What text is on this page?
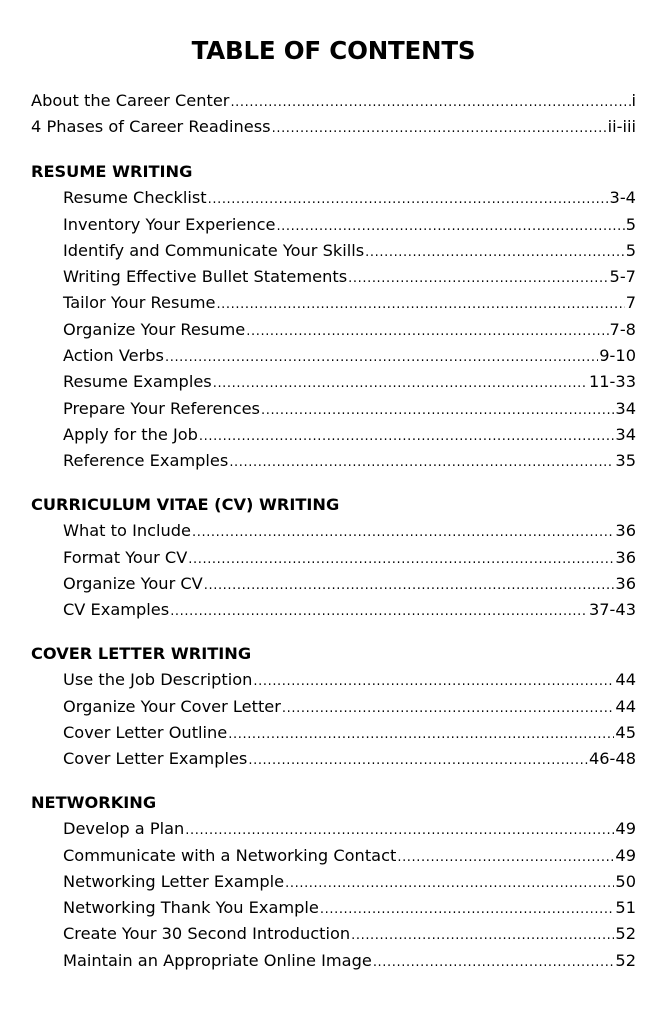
TABLE OF CONTENTS
About the Career Center .....	i
4 Phases of Career Readiness .....	ii-iii
RESUME WRITING
Resume Checklist .....	3-4
Inventory Your Experience .....	5
Identify and Communicate Your Skills .....	5
Writing Effective Bullet Statements .....	5-7
Tailor Your Resume .....	7
Organize Your Resume .....	7-8
Action Verbs .....	9-10
Resume Examples .....	11-33
Prepare Your References .....	34
Apply for the Job .....	34
Reference Examples .....	35
CURRICULUM VITAE (CV) WRITING
What to Include .....	36
Format Your CV .....	36
Organize Your CV .....	36
CV Examples .....	37-43
COVER LETTER WRITING
Use the Job Description .....	44
Organize Your Cover Letter .....	44
Cover Letter Outline .....	45
Cover Letter Examples .....	46-48
NETWORKING
Develop a Plan .....	49
Communicate with a Networking Contact .....	49
Networking Letter Example .....	50
Networking Thank You Example .....	51
Create Your 30 Second Introduction .....	52
Maintain an Appropriate Online Image .....	52
